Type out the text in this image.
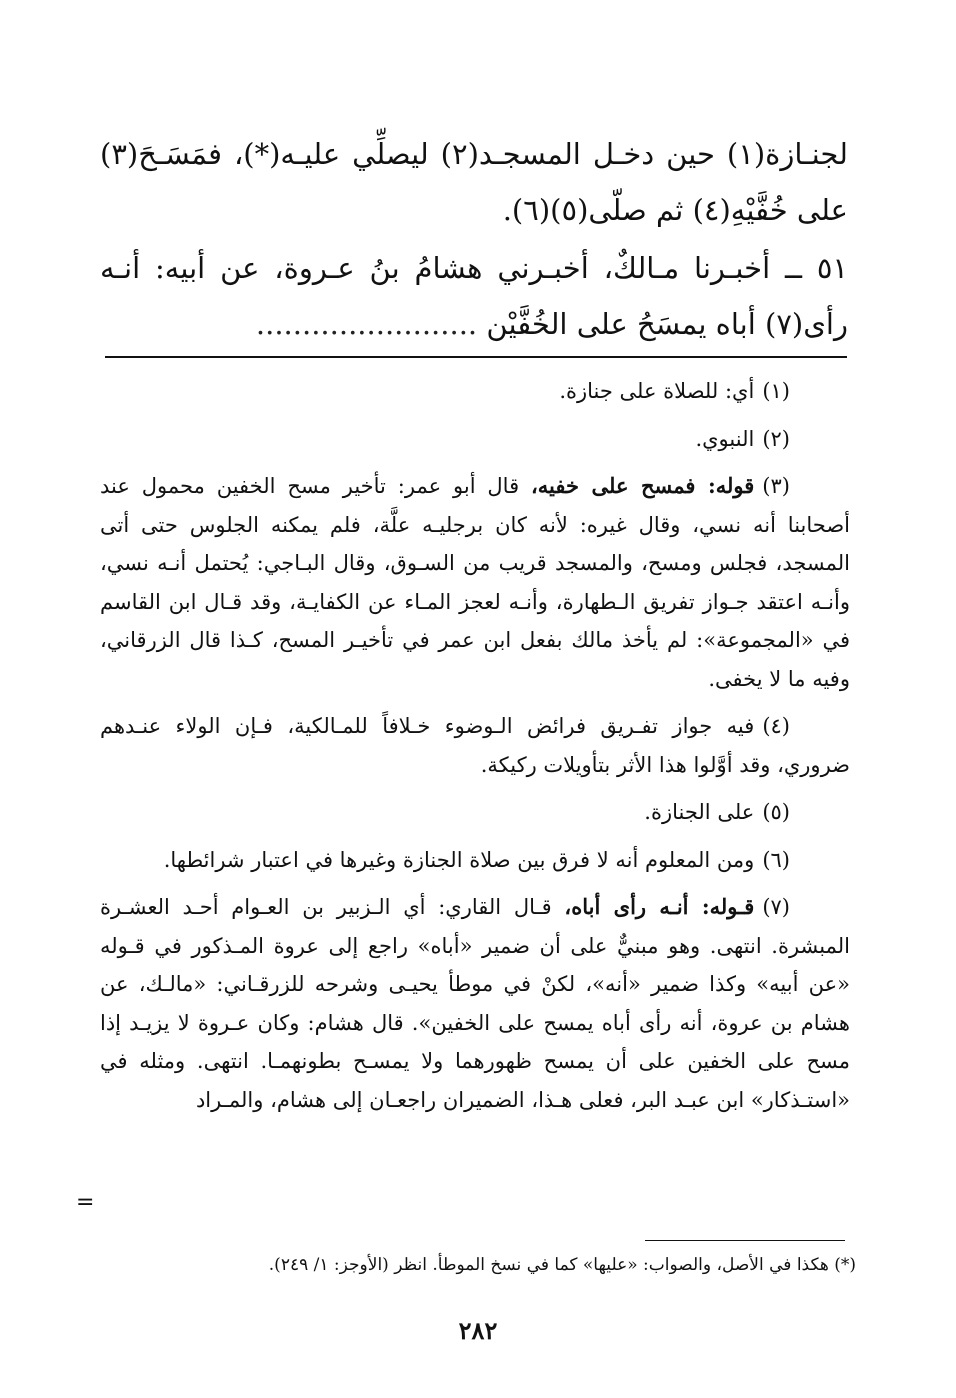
لجنـازة(١) حين دخـل المسجـد(٢) ليصلِّي عليـه(*)، فمَسَـحَ(٣) على خُفَّيْهِ(٤) ثم صلّى(٥)(٦).

٥١ ــ أخبـرنا مـالكٌ، أخبـرني هشامُ بنُ عـروة، عن أبيه: أنـه رأى(٧) أباه يمسَحُ على الخُفَّيْن ........................

(١)أي: للصلاة على جنازة.

(٢)النبوي.

(٣)قوله: فمسح على خفيه، قال أبو عمر: تأخير مسح الخفين محمول عند أصحابنا أنه نسي، وقال غيره: لأنه كان برجليـه علَّة، فلم يمكنه الجلوس حتى أتى المسجد، فجلس ومسح، والمسجد قريب من السـوق، وقال البـاجي: يُحتمل أنـه نسي، وأنـه اعتقد جـواز تفريق الـطهارة، وأنـه لعجز المـاء عن الكفايـة، وقد قـال ابن القاسم في «المجموعة»: لم يأخذ مالك بفعل ابن عمر في تأخيـر المسح، كـذا قال الزرقاني، وفيه ما لا يخفى.

(٤)فيه جواز تفـريق فرائض الـوضوء خـلافاً للمـالكية، فـإن الولاء عنـدهم ضروري، وقد أوَّلوا هذا الأثر بتأويلات ركيكة.

(٥)على الجنازة.

(٦)ومن المعلوم أنه لا فرق بين صلاة الجنازة وغيرها في اعتبار شرائطها.

(٧)قـوله: أنـه رأى أباه، قـال القاري: أي الـزبير بن العـوام أحـد العشـرة المبشرة. انتهى. وهو مبنيٌّ على أن ضمير «أباه» راجع إلى عروة المـذكور في قـوله «عن أبيه» وكذا ضمير «أنه»، لكنْ في موطأ يحيـى وشرحه للزرقـاني: «مالـك، عن هشام بن عروة، أنه رأى أباه يمسح على الخفين». قال هشام: وكان عـروة لا يزيـد إذا مسح على الخفين على أن يمسح ظهورهما ولا يمسـح بطونهمـا. انتهى. ومثله في «استـذكار» ابن عبـد البر، فعلى هـذا، الضميران راجعـان إلى هشام، والمـراد

=
(*) هكذا في الأصل، والصواب: «عليها» كما في نسخ الموطأ. انظر (الأوجز: ١/ ٢٤٩).
٢٨٢
